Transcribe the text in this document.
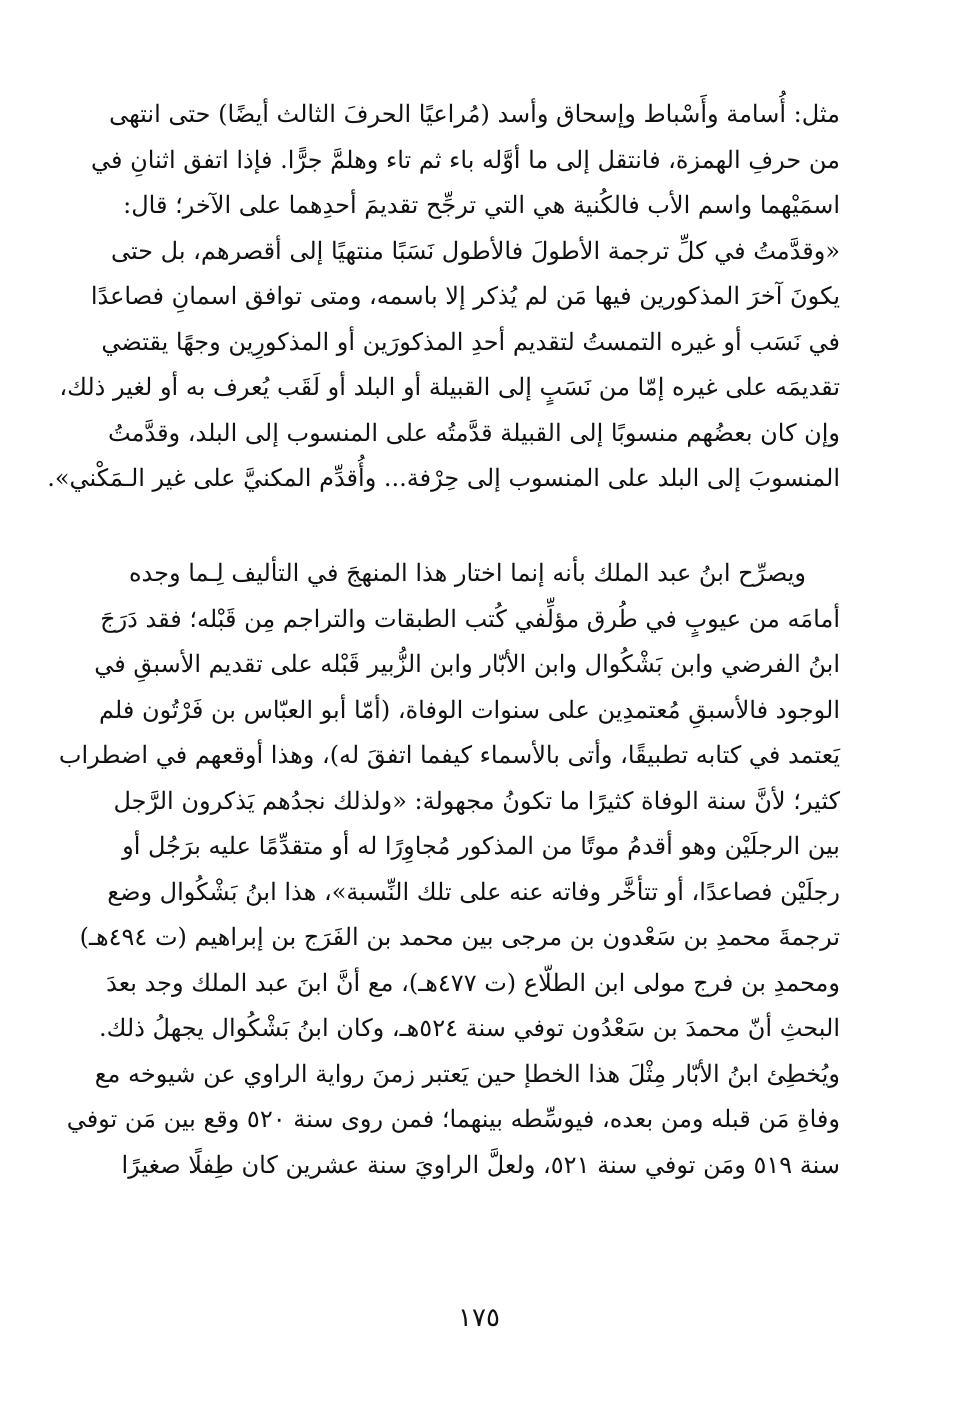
مثل: أُسامة وأَسْباط وإسحاق وأسد (مُراعيًا الحرفَ الثالث أيضًا) حتى انتهى
من حرفِ الهمزة، فانتقل إلى ما أوَّله باء ثم تاء وهلمَّ جرًّا. فإذا اتفق اثنانِ في
اسمَيْهما واسم الأب فالكُنية هي التي ترجِّح تقديمَ أحدِهما على الآخر؛ قال:
«وقدَّمتُ في كلِّ ترجمة الأطولَ فالأطول نَسَبًا منتهيًا إلى أقصرهم، بل حتى
يكونَ آخرَ المذكورين فيها مَن لم يُذكر إلا باسمه، ومتى توافق اسمانِ فصاعدًا
في نَسَب أو غيره التمستُ لتقديم أحدِ المذكورَين أو المذكورِين وجهًا يقتضي
تقديمَه على غيره إمّا من نَسَبٍ إلى القبيلة أو البلد أو لَقَب يُعرف به أو لغير ذلك،
وإن كان بعضُهم منسوبًا إلى القبيلة قدَّمتُه على المنسوب إلى البلد، وقدَّمتُ
المنسوبَ إلى البلد على المنسوب إلى حِرْفة... وأُقدِّم المكنيَّ على غير الـمَكْني».
ويصرِّح ابنُ عبد الملك بأنه إنما اختار هذا المنهجَ في التأليف لِـما وجده
أمامَه من عيوبٍ في طُرق مؤلِّفي كُتب الطبقات والتراجم مِن قَبْله؛ فقد دَرَجَ
ابنُ الفرضي وابن بَشْكُوال وابن الأبّار وابن الزُّبير قَبْله على تقديم الأسبقِ في
الوجود فالأسبقِ مُعتمدِين على سنوات الوفاة، (أمّا أبو العبّاس بن فَرْتُون فلم
يَعتمد في كتابه تطبيقًا، وأتى بالأسماء كيفما اتفقَ له)، وهذا أوقعهم في اضطراب
كثير؛ لأنَّ سنة الوفاة كثيرًا ما تكونُ مجهولة: «ولذلك نجدُهم يَذكرون الرَّجل
بين الرجلَيْن وهو أقدمُ موتًا من المذكور مُجاوِرًا له أو متقدِّمًا عليه برَجُل أو
رجلَيْن فصاعدًا، أو تتأخَّر وفاته عنه على تلك النِّسبة»، هذا ابنُ بَشْكُوال وضع
ترجمةَ محمدِ بن سَعْدون بن مرجى بين محمد بن الفَرَج بن إبراهيم (ت ٤٩٤هـ)
ومحمدِ بن فرج مولى ابن الطلّاع (ت ٤٧٧هـ)، مع أنَّ ابنَ عبد الملك وجد بعدَ
البحثِ أنّ محمدَ بن سَعْدُون توفي سنة ٥٢٤هـ، وكان ابنُ بَشْكُوال يجهلُ ذلك.
ويُخطِئ ابنُ الأبّار مِثْلَ هذا الخطإ حين يَعتبر زمنَ رواية الراوي عن شيوخه مع
وفاةِ مَن قبله ومن بعده، فيوسِّطه بينهما؛ فمن روى سنة ٥٢٠ وقع بين مَن توفي
سنة ٥١٩ ومَن توفي سنة ٥٢١، ولعلَّ الراويَ سنة عشرين كان طِفلًا صغيرًا
١٧٥
